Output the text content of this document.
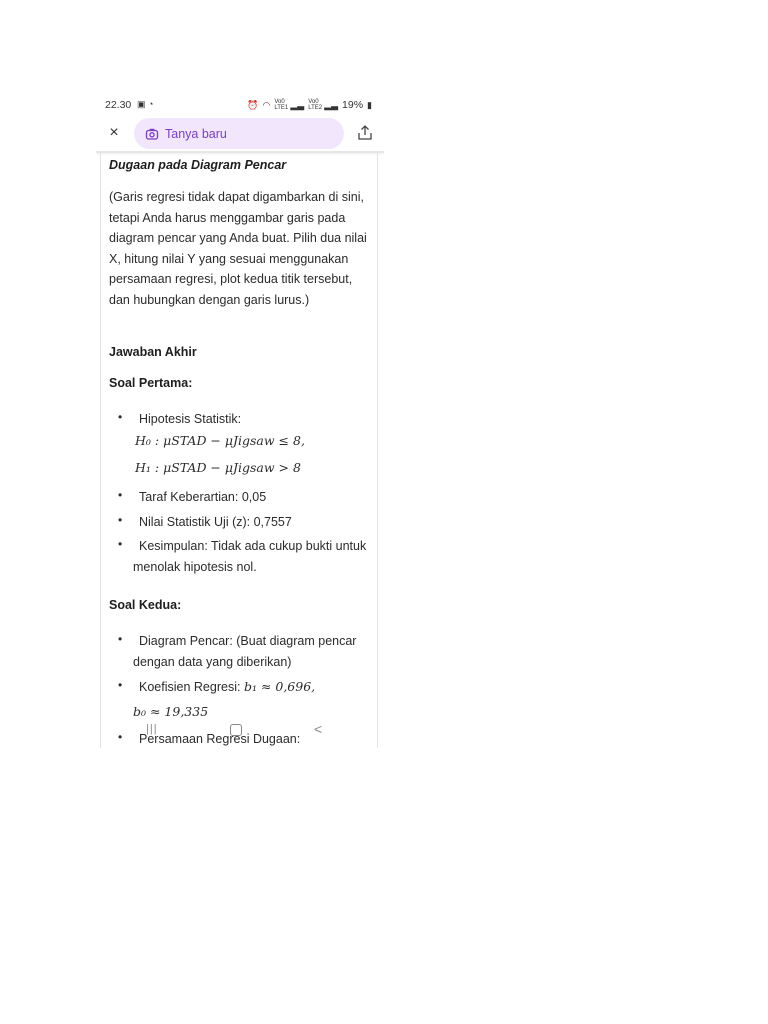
22.30 ▣ ◔	⏰ ◠ Vo0 LTE1 ▂▃ Vo0 LTE2 ▂▃ 19% ▮
×	Tanya baru
Dugaan pada Diagram Pencar
(Garis regresi tidak dapat digambarkan di sini, tetapi Anda harus menggambar garis pada diagram pencar yang Anda buat. Pilih dua nilai X, hitung nilai Y yang sesuai menggunakan persamaan regresi, plot kedua titik tersebut, dan hubungkan dengan garis lurus.)
Jawaban Akhir
Soal Pertama:
• Hipotesis Statistik:
H₀ : μSTAD − μJigsaw ≤ 8,
H₁ : μSTAD − μJigsaw > 8
• Taraf Keberartian: 0,05
• Nilai Statistik Uji (z): 0,7557
•	Kesimpulan: Tidak ada cukup bukti untuk menolak hipotesis nol.
Soal Kedua:
•	Diagram Pencar: (Buat diagram pencar dengan data yang diberikan)
• Koefisien Regresi: b₁ ≈ 0,696,
b₀ ≈ 19,335
• Persamaan Regresi Dugaan:
|||	<
